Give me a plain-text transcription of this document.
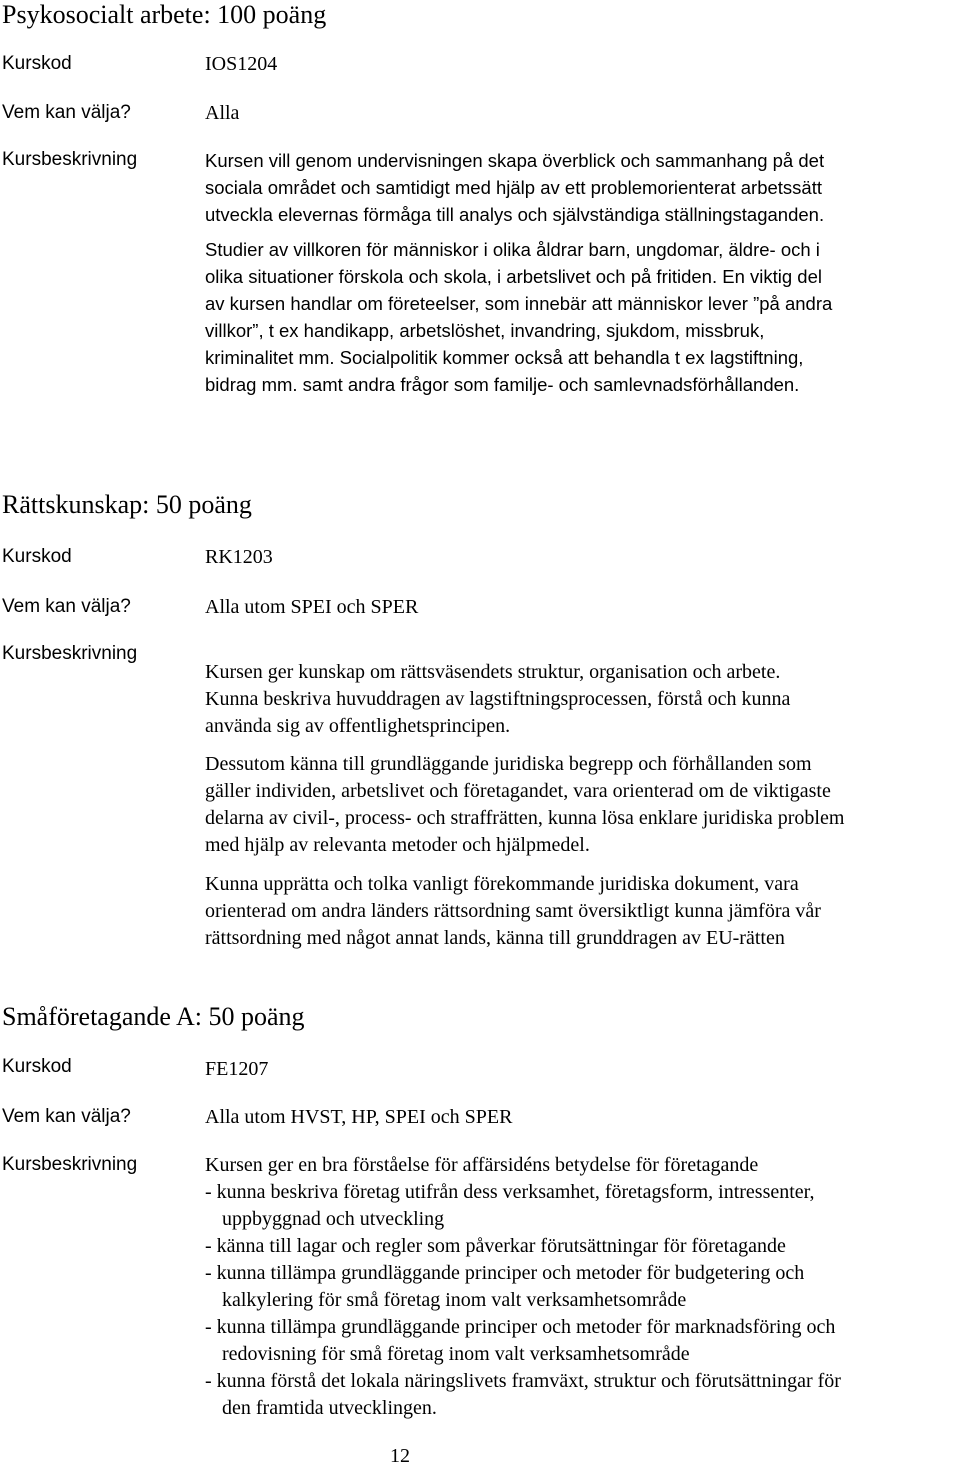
Psykosocialt arbete: 100 poäng
Kurskod	IOS1204
Vem kan välja?	Alla
Kursbeskrivning	Kursen vill genom undervisningen skapa överblick och sammanhang på det
sociala området och samtidigt med hjälp av ett problemorienterat arbetssätt
utveckla elevernas förmåga till analys och självständiga ställningstaganden.
Studier av villkoren för människor i olika åldrar barn, ungdomar, äldre- och i
olika situationer förskola och skola, i arbetslivet och på fritiden. En viktig del
av kursen handlar om företeelser, som innebär att människor lever ”på andra
villkor”, t ex handikapp, arbetslöshet, invandring, sjukdom, missbruk,
kriminalitet mm. Socialpolitik kommer också att behandla t ex lagstiftning,
bidrag mm. samt andra frågor som familje- och samlevnadsförhållanden.
Rättskunskap: 50 poäng
Kurskod	RK1203
Vem kan välja?	Alla utom SPEI och SPER
Kursbeskrivning
Kursen ger kunskap om rättsväsendets struktur, organisation och arbete.
Kunna beskriva huvuddragen av lagstiftningsprocessen, förstå och kunna
använda sig av offentlighetsprincipen.
Dessutom känna till grundläggande juridiska begrepp och förhållanden som
gäller individen, arbetslivet och företagandet, vara orienterad om de viktigaste
delarna av civil-, process- och straffrätten, kunna lösa enklare juridiska problem
med hjälp av relevanta metoder och hjälpmedel.
Kunna upprätta och tolka vanligt förekommande juridiska dokument, vara
orienterad om andra länders rättsordning samt översiktligt kunna jämföra vår
rättsordning med något annat lands, känna till grunddragen av EU-rätten
Småföretagande A: 50 poäng
Kurskod	FE1207
Vem kan välja?	Alla utom HVST, HP, SPEI och SPER
Kursbeskrivning	Kursen ger en bra förståelse för affärsidéns betydelse för företagande
- kunna beskriva företag utifrån dess verksamhet, företagsform, intressenter,
uppbyggnad och utveckling
- känna till lagar och regler som påverkar förutsättningar för företagande
- kunna tillämpa grundläggande principer och metoder för budgetering och
kalkylering för små företag inom valt verksamhetsområde
- kunna tillämpa grundläggande principer och metoder för marknadsföring och
redovisning för små företag inom valt verksamhetsområde
- kunna förstå det lokala näringslivets framväxt, struktur och förutsättningar för
den framtida utvecklingen.
12
